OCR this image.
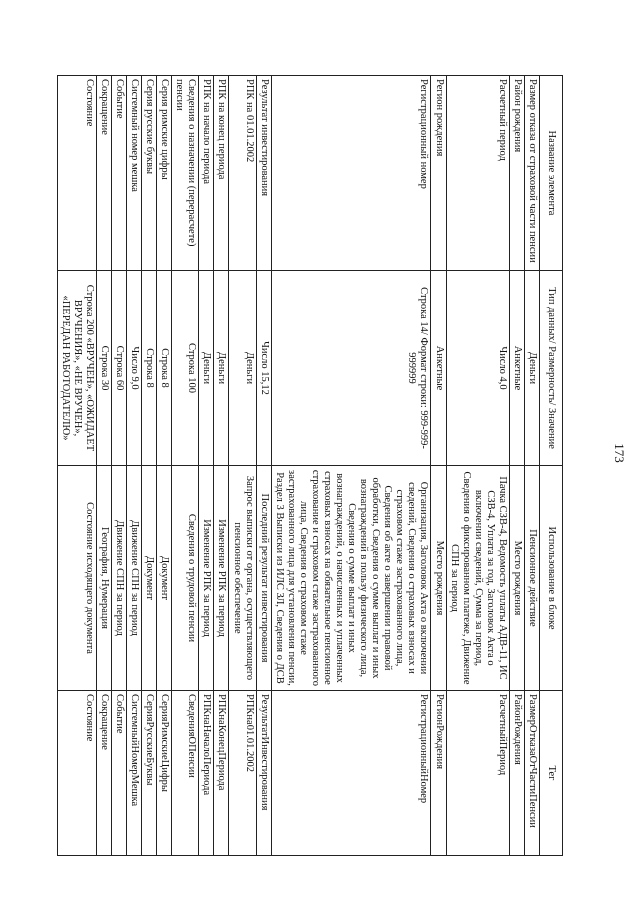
173
Название элемента	Тип данных/ Размерность/ Значение	Использование в блоке	Тег
Размер отказа от страховой части пенсии	Деньги	Пенсионное действие	РазмерОтказаОтЧастиПенсии
Район рождения	Анкетные	Место рождения	РайонРождения
Расчетный период	Число 4,0	Пачка СЗВ-4, Ведомость уплаты АДВ-11, ИС СЗВ-4, Уплата за год, Заголовок Акта о включении сведений, Сумма за период, Сведения о фиксированном платеже, Движение СПН за период	РасчетныйПериод
Регион рождения	Анкетные	Место рождения	РегионРождения
Регистрационный номер	Строка 14/ Формат строки: 999-999-999999	Организация, Заголовок Акта о включении сведений, Сведения о страховых взносах и страховом стаже застрахованного лица, Сведения об акте о завершении правовой обработки, Сведения о сумме выплат и иных вознаграждений в пользу физического лица, Сведения о сумме выплат и иных вознаграждений, о начисленных и уплаченных страховых взносах на обязательное пенсионное страхование и страховом стаже застрахованного лица, Сведения о страховом стаже застрахованного лица для установления пенсии, Раздел 3 Выписки из ИЛС ЗЛ, Сведения о ДСВ	РегистрационныйНомер
Результат инвестирования	Число 15,12	Последний результат инвестирования	РезультатИнвестирования
РПК на 01.01.2002	Деньги	Запрос выписки от органа, осуществляющего пенсионное обеспечение	РПКна01.01.2002
РПК на конец периода	Деньги	Изменение РПК за период	РПКнаКонецПериода
РПК на начало периода	Деньги	Изменение РПК за период	РПКнаНачалоПериода
Сведения о назначении (перерасчете) пенсии	Строка 100	Сведения о трудовой пенсии	СведенияОПенсии
Серия римские цифры	Строка 8	Документ	СерияРимскиеЦифры
Серия русские буквы	Строка 8	Документ	СерияРусскиеБуквы
Системный номер мешка	Число 9,0	Движение СПН за период	СистемныйНомерМешка
Событие	Строка 60	Движение СПН за период	Событие
Сокращение	Строка 30	География, Нумерация	Сокращение
Состояние	Строка 200 «ВРУЧЕН», «ОЖИДАЕТ ВРУЧЕНИЯ», «НЕ ВРУЧЕН», «ПЕРЕДАН РАБОТОДАТЕЛЮ»	Состояние исходящего документа	Состояние
